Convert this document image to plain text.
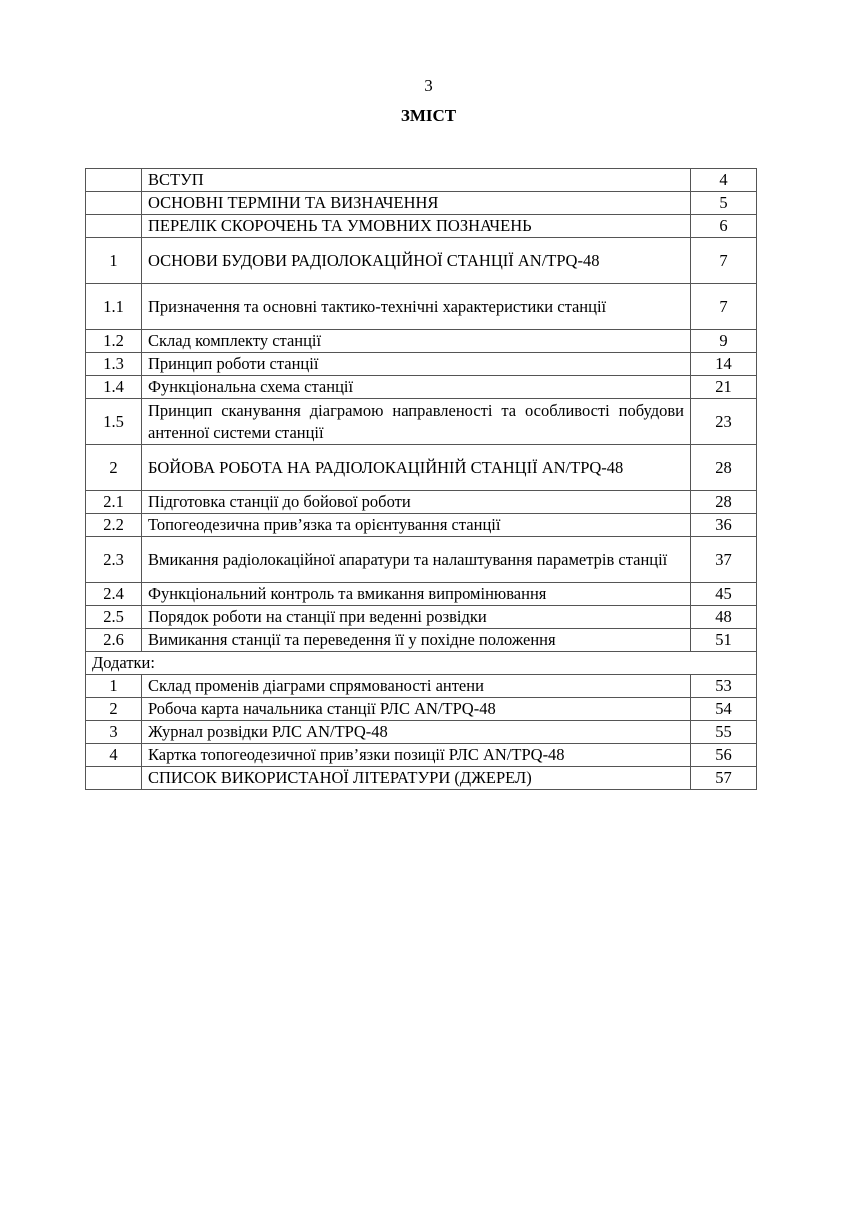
3
ЗМІСТ
	ВСТУП	4
	ОСНОВНІ ТЕРМІНИ ТА ВИЗНАЧЕННЯ	5
	ПЕРЕЛІК СКОРОЧЕНЬ ТА УМОВНИХ ПОЗНАЧЕНЬ	6
1	ОСНОВИ БУДОВИ РАДІОЛОКАЦІЙНОЇ СТАНЦІЇ AN/TPQ-48	7
1.1	Призначення та основні тактико-технічні характеристики станції	7
1.2	Склад комплекту станції	9
1.3	Принцип роботи станції	14
1.4	Функціональна схема станції	21
1.5	Принцип сканування діаграмою направленості та особливості побудови антенної системи станції	23
2	БОЙОВА РОБОТА НА РАДІОЛОКАЦІЙНІЙ СТАНЦІЇ AN/TPQ-48	28
2.1	Підготовка станції до бойової роботи	28
2.2	Топогеодезична прив’язка та орієнтування станції	36
2.3	Вмикання радіолокаційної апаратури та налаштування параметрів станції	37
2.4	Функціональний контроль та вмикання випромінювання	45
2.5	Порядок роботи на станції при веденні розвідки	48
2.6	Вимикання станції та переведення її у похідне положення	51
Додатки:		
1	Склад променів діаграми спрямованості антени	53
2	Робоча карта начальника станції РЛС AN/TPQ-48	54
3	Журнал розвідки РЛС AN/TPQ-48	55
4	Картка топогеодезичної прив’язки позиції РЛС AN/TPQ-48	56
	СПИСОК ВИКОРИСТАНОЇ ЛІТЕРАТУРИ (ДЖЕРЕЛ)	57
